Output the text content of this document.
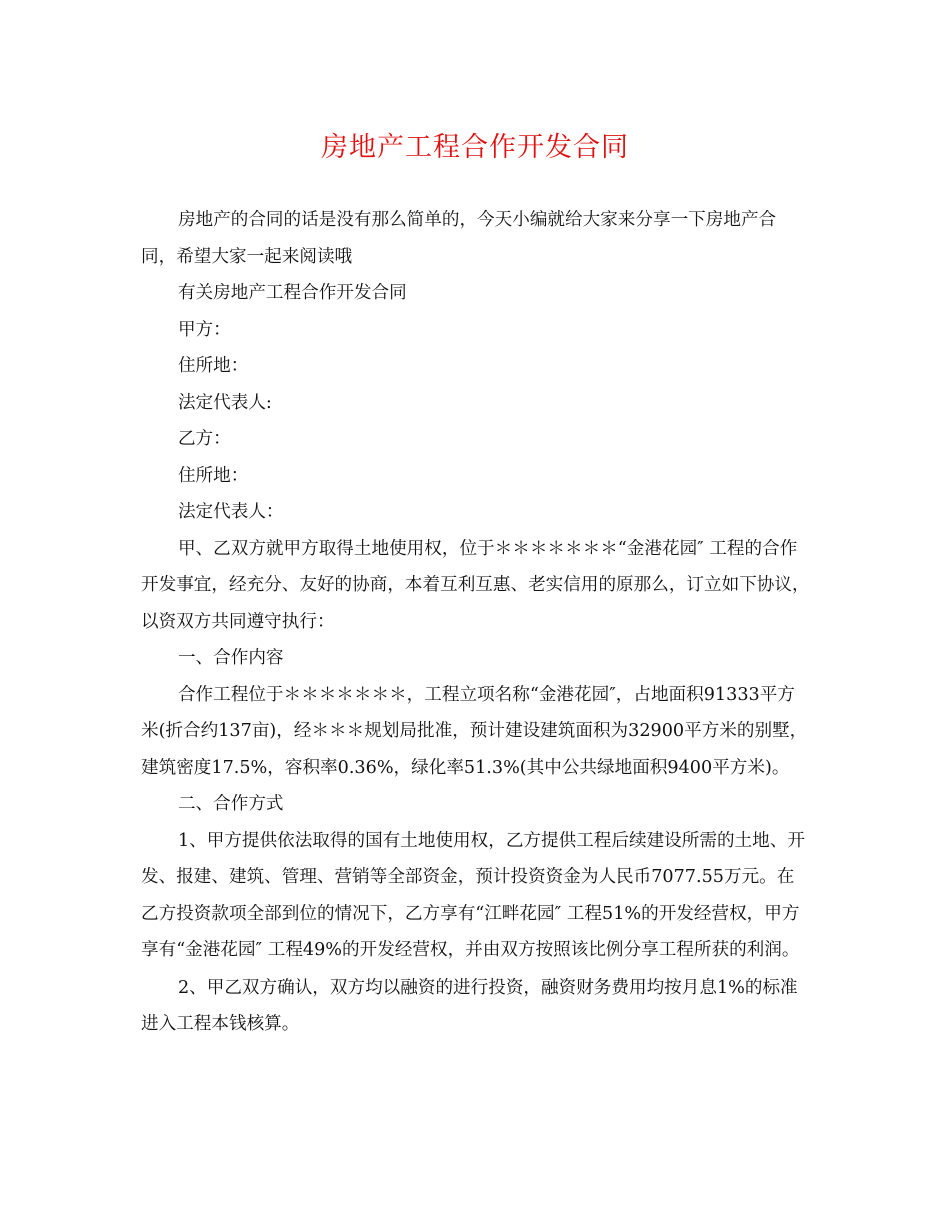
房地产工程合作开发合同

房地产的合同的话是没有那么简单的，今天小编就给大家来分享一下房地产合同，希望大家一起来阅读哦

有关房地产工程合作开发合同

甲方：

住所地：

法定代表人:

乙方：

住所地：

法定代表人：

甲、乙双方就甲方取得土地使用权，位于＊＊＊＊＊＊＊“金港花园″ 工程的合作开发事宜，经充分、友好的协商，本着互利互惠、老实信用的原那么，订立如下协议，以资双方共同遵守执行：

一、合作内容

合作工程位于＊＊＊＊＊＊＊，工程立项名称“金港花园″，占地面积91333平方米(折合约137亩)，经＊＊＊规划局批准，预计建设建筑面积为32900平方米的别墅，建筑密度17.5%，容积率0.36%，绿化率51.3%(其中公共绿地面积9400平方米)。

二、合作方式

1、甲方提供依法取得的国有土地使用权，乙方提供工程后续建设所需的土地、开发、报建、建筑、管理、营销等全部资金，预计投资资金为人民币7077.55万元。在乙方投资款项全部到位的情况下，乙方享有“江畔花园″ 工程51%的开发经营权，甲方享有“金港花园″ 工程49%的开发经营权，并由双方按照该比例分享工程所获的利润。

2、甲乙双方确认，双方均以融资的进行投资，融资财务费用均按月息1%的标准进入工程本钱核算。
